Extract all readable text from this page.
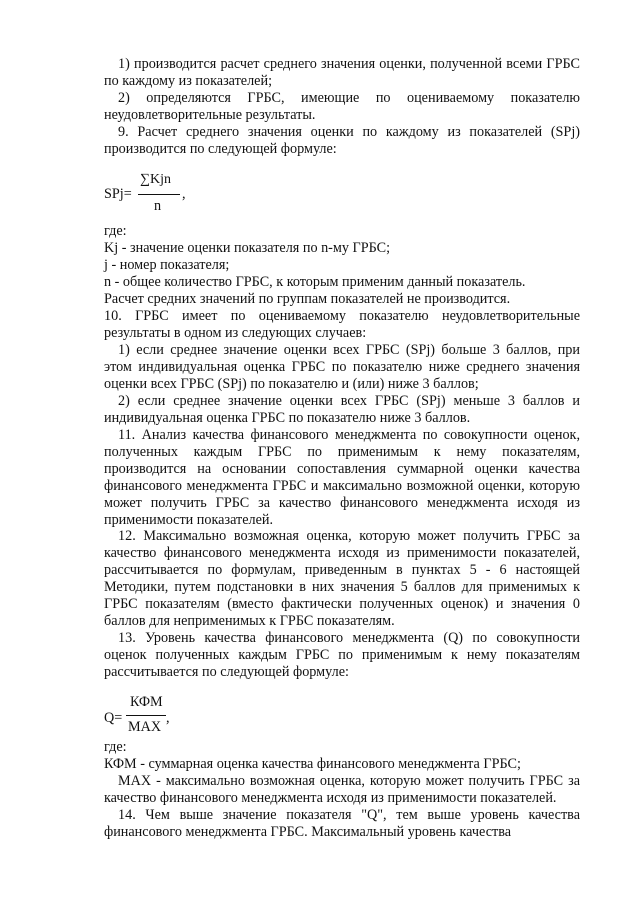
1) производится расчет среднего значения оценки, полученной всеми ГРБС по каждому из показателей;
2) определяются ГРБС, имеющие по оцениваемому показателю неудовлетворительные результаты.
9. Расчет среднего значения оценки по каждому из показателей (SPj) производится по следующей формуле:
SPj=
∑Kjn
n
,
где:
Kj - значение оценки показателя по n-му ГРБС;
j - номер показателя;
n - общее количество ГРБС, к которым применим данный показатель.
Расчет средних значений по группам показателей не производится.
10. ГРБС имеет по оцениваемому показателю неудовлетворительные результаты в одном из следующих случаев:
1) если среднее значение оценки всех ГРБС (SPj) больше 3 баллов, при этом индивидуальная оценка ГРБС по показателю ниже среднего значения оценки всех ГРБС (SPj) по показателю и (или) ниже 3 баллов;
2) если среднее значение оценки всех ГРБС (SPj) меньше 3 баллов и индивидуальная оценка ГРБС по показателю ниже 3 баллов.
11. Анализ качества финансового менеджмента по совокупности оценок, полученных каждым ГРБС по применимым к нему показателям, производится на основании сопоставления суммарной оценки качества финансового менеджмента ГРБС и максимально возможной оценки, которую может получить ГРБС за качество финансового менеджмента исходя из применимости показателей.
12. Максимально возможная оценка, которую может получить ГРБС за качество финансового менеджмента исходя из применимости показателей, рассчитывается по формулам, приведенным в пунктах 5 - 6 настоящей Методики, путем подстановки в них значения 5 баллов для применимых к ГРБС показателям (вместо фактически полученных оценок) и значения 0 баллов для неприменимых к ГРБС показателям.
13. Уровень качества финансового менеджмента (Q) по совокупности оценок полученных каждым ГРБС по применимым к нему показателям рассчитывается по следующей формуле:
Q=
КФМ
MAX
,
где:
КФМ - суммарная оценка качества финансового менеджмента ГРБС;
MAX - максимально возможная оценка, которую может получить ГРБС за качество финансового менеджмента исходя из применимости показателей.
14. Чем выше значение показателя "Q", тем выше уровень качества финансового менеджмента ГРБС. Максимальный уровень качества
